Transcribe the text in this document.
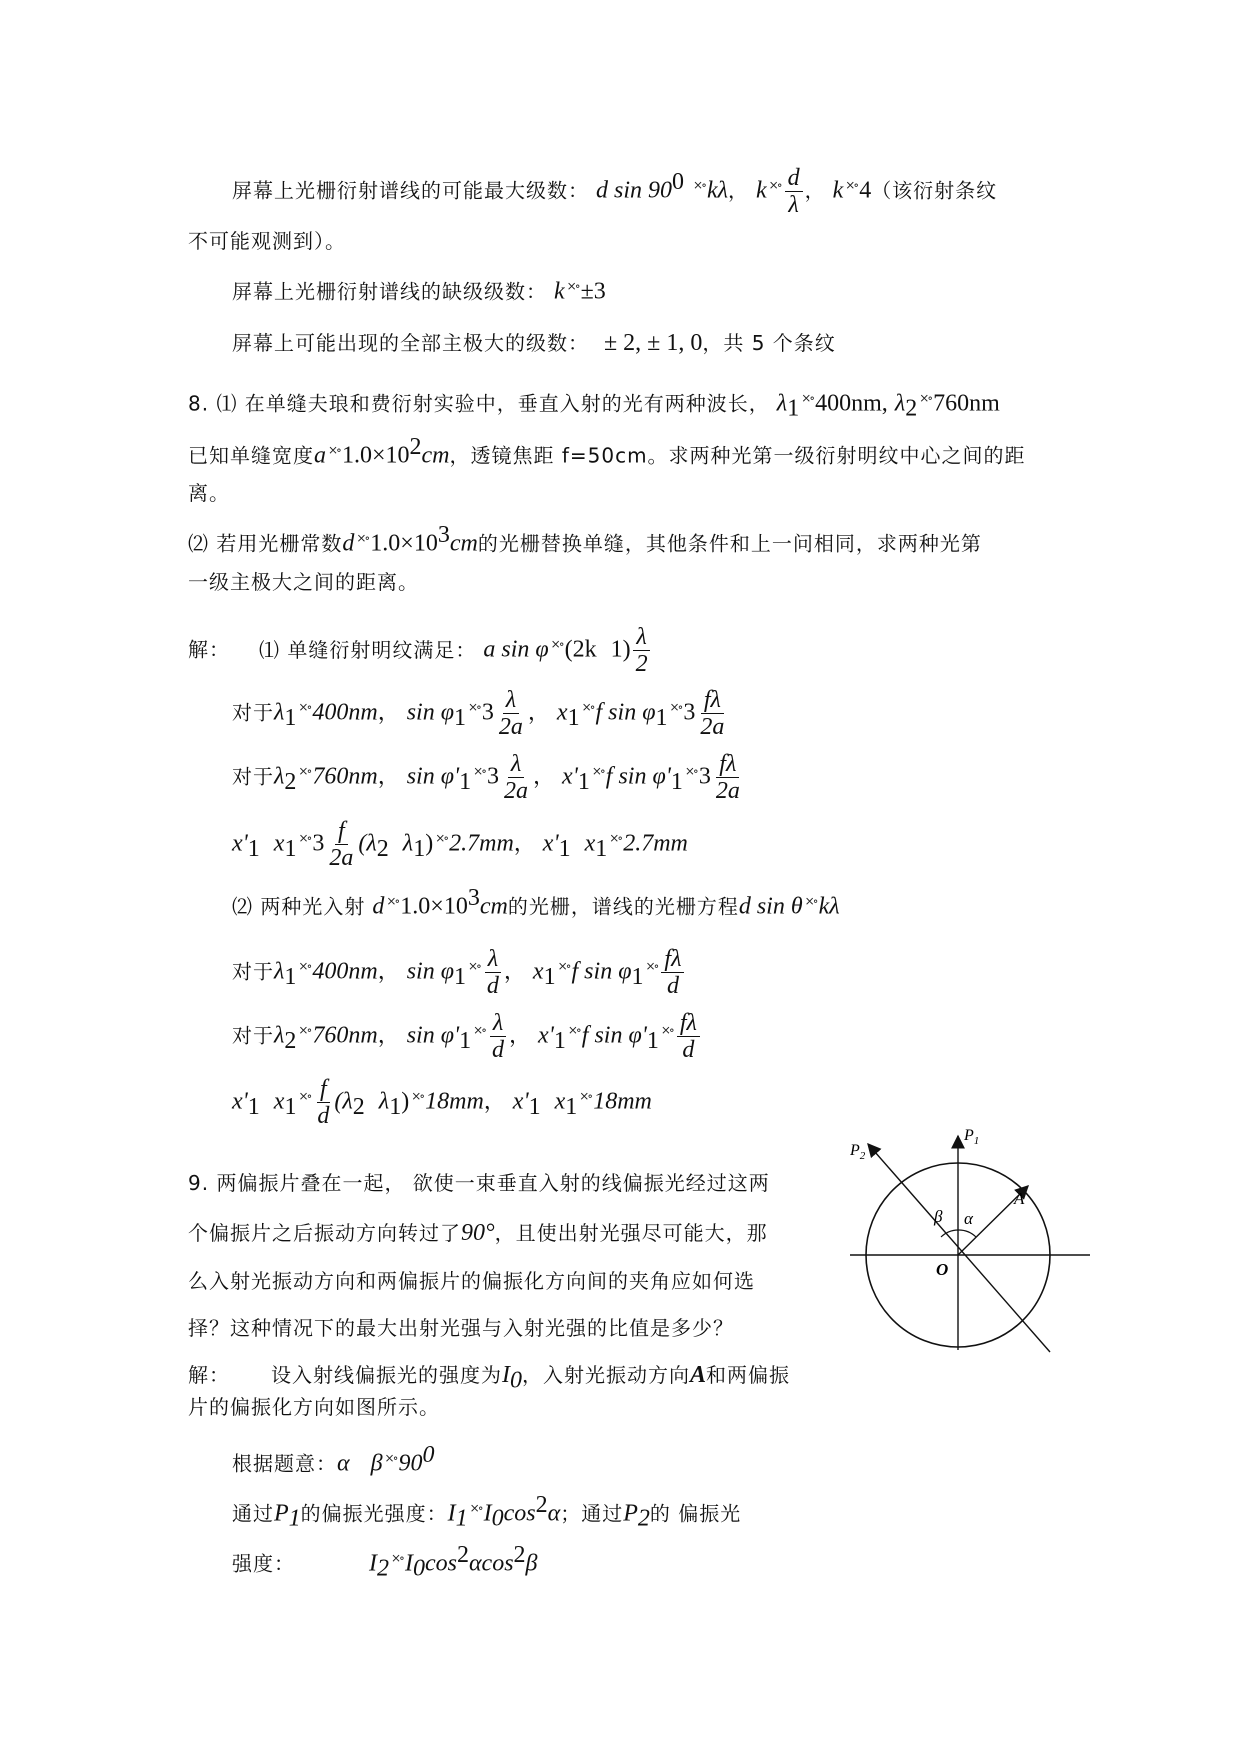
屏幕上光栅衍射谱线的可能最大级数： d $\sin 90^0$ ×∘kλ， k ×∘ $\frac{d}{\lambda}$ ， k ×∘4（该衍射条纹
不可能观测到）。
屏幕上光栅衍射谱线的缺级级数： k ×∘±3
屏幕上可能出现的全部主极大的级数： ± 2, ± 1, 0，共 5 个条纹
8. ⑴ 在单缝夫琅和费衍射实验中，垂直入射的光有两种波长， $\lambda_1$ ×∘400nm, $\lambda_2$ ×∘760nm
已知单缝宽度$a \times\circ 1.0\times 10^2cm$，透镜焦距 f=50cm。求两种光第一级衍射明纹中心之间的距
离。
⑵ 若用光栅常数$d \times\circ 1.0\times 10^3cm$的光栅替换单缝，其他条件和上一问相同，求两种光第
一级主极大之间的距离。
解： ⑴ 单缝衍射明纹满足： a sin φ ×∘(2k $1) \frac{\lambda}{2}$
对于$\lambda_1$ ×∘400nm， $\sin \varphi_1$ ×∘3 $\frac{\lambda}{2a}$ ， $x_1$ ×∘f $\sin \varphi_1$ ×∘3 $\frac{f\lambda}{2a}$
对于$\lambda_2$ ×∘760nm， $\sin \varphi'_1$ ×∘3 $\frac{\lambda}{2a}$ ， $x'_1$ ×∘f $\sin \varphi'_1$ ×∘3 $\frac{f\lambda}{2a}$
$x'_1$ $x_1$ ×∘3 $\frac{f}{2a} (\lambda_2$ $\lambda_1$) ×∘2.7mm， $x'_1$ $x_1$ ×∘2.7mm
⑵ 两种光入射 $d \times\circ 1.0\times 10^3cm$的光栅，谱线的光栅方程d sin θ ×∘kλ
对于$\lambda_1$ ×∘400nm， $\sin \varphi_1$ ×∘ $\frac{\lambda}{d}$ ， $x_1$ ×∘f $\sin \varphi_1$ ×∘ $\frac{f\lambda}{d}$
对于$\lambda_2$ ×∘760nm， $\sin \varphi'_1$ ×∘ $\frac{\lambda}{d}$ ， $x'_1$ ×∘f $\sin \varphi'_1$ ×∘ $\frac{f\lambda}{d}$
$x'_1$ $x_1$ ×∘ $\frac{f}{d} (\lambda_2$ $\lambda_1$) ×∘18mm， $x'_1$ $x_1$ ×∘18mm
9. 两偏振片叠在一起， 欲使一束垂直入射的线偏振光经过这两
个偏振片之后振动方向转过了90°，且使出射光强尽可能大，那
么入射光振动方向和两偏振片的偏振化方向间的夹角应如何选
择？这种情况下的最大出射光强与入射光强的比值是多少？
解： 设入射线偏振光的强度为$I_0$，入射光振动方向A和两偏振
片的偏振化方向如图所示。
根据题意：α $\beta \times\circ 90^0$
通过$P_1$的偏振光强度：$I_1$ $\times\circ I_0\cos^2\alpha$；通过$P_2$的 偏振光
强度：	$I_2$ $\times\circ I_0\cos^2\alpha\cos^2\beta$
$P_1$
$P_2$
A
α
β
O
